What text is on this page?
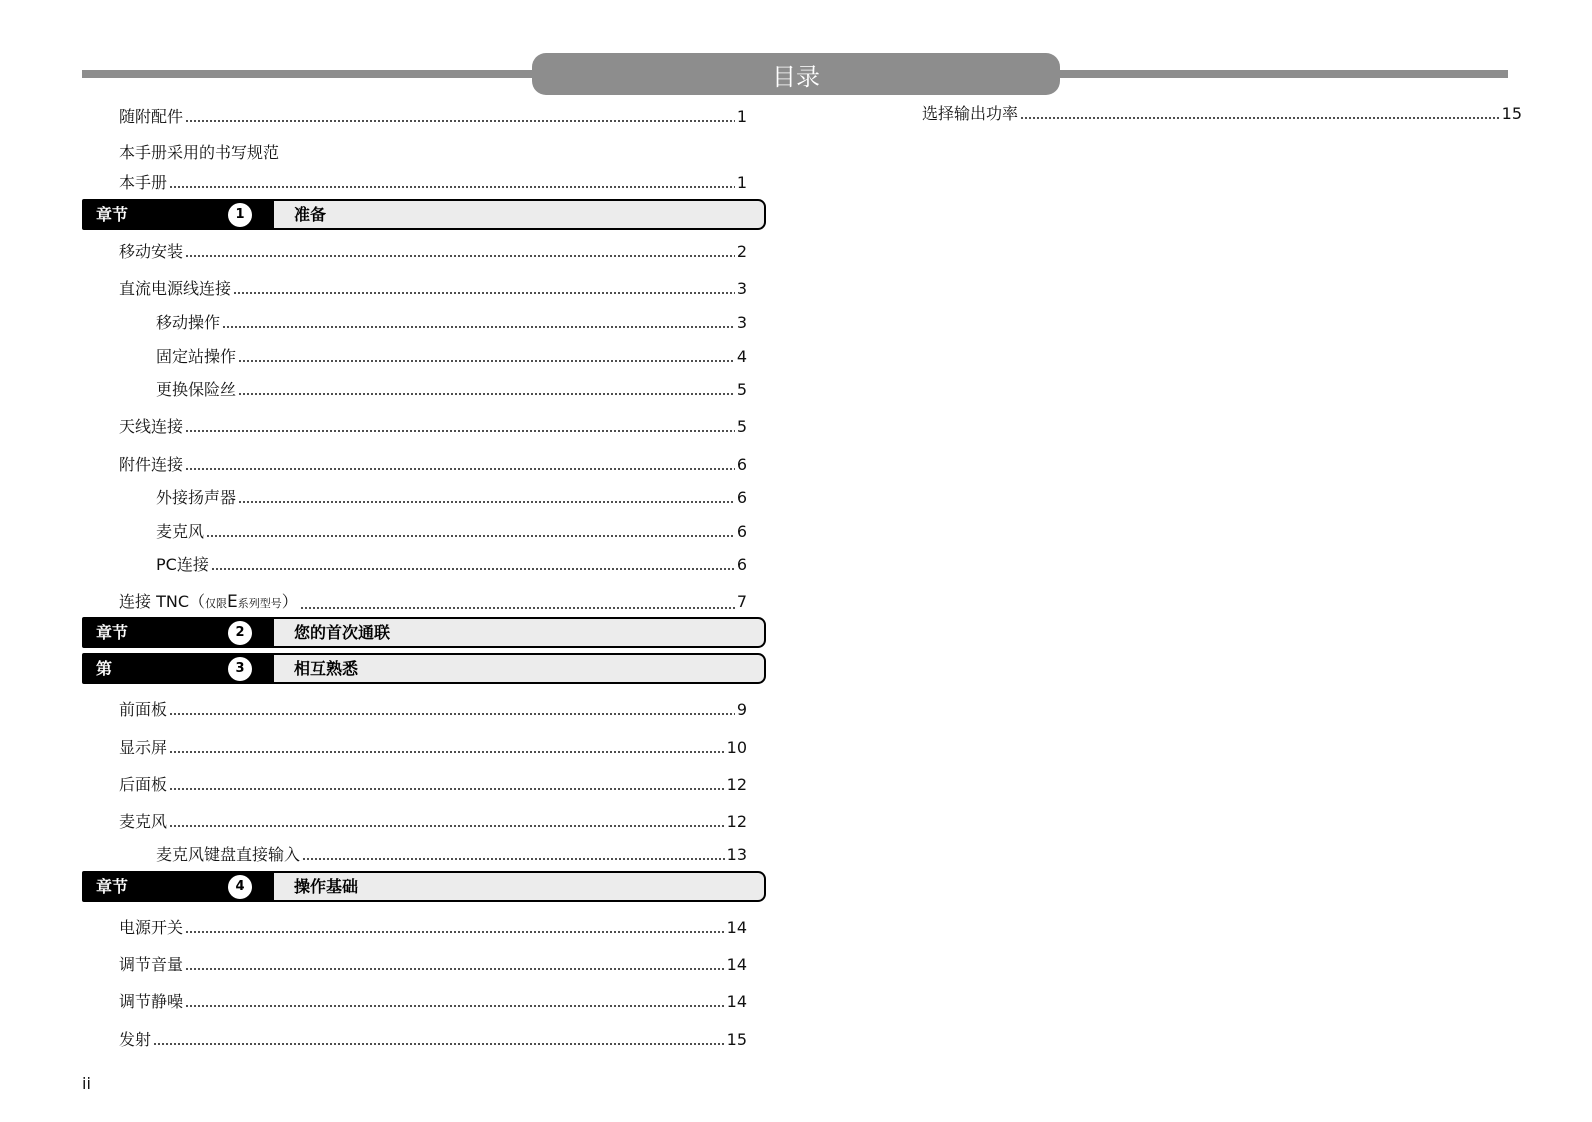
目录
随附配件	1
本手册采用的书写规范
本手册	1
章节	1	准备
移动安装	2
直流电源线连接	3
移动操作	3
固定站操作	4
更换保险丝	5
天线连接	5
附件连接	6
外接扬声器	6
麦克风	6
PC连接	6
连接 TNC（仅限E系列型号）	7
章节	2	您的首次通联
第	3	相互熟悉
前面板	9
显示屏	10
后面板	12
麦克风	12
麦克风键盘直接输入	13
章节	4	操作基础
电源开关	14
调节音量	14
调节静噪	14
发射	15
选择输出功率	15
ii
